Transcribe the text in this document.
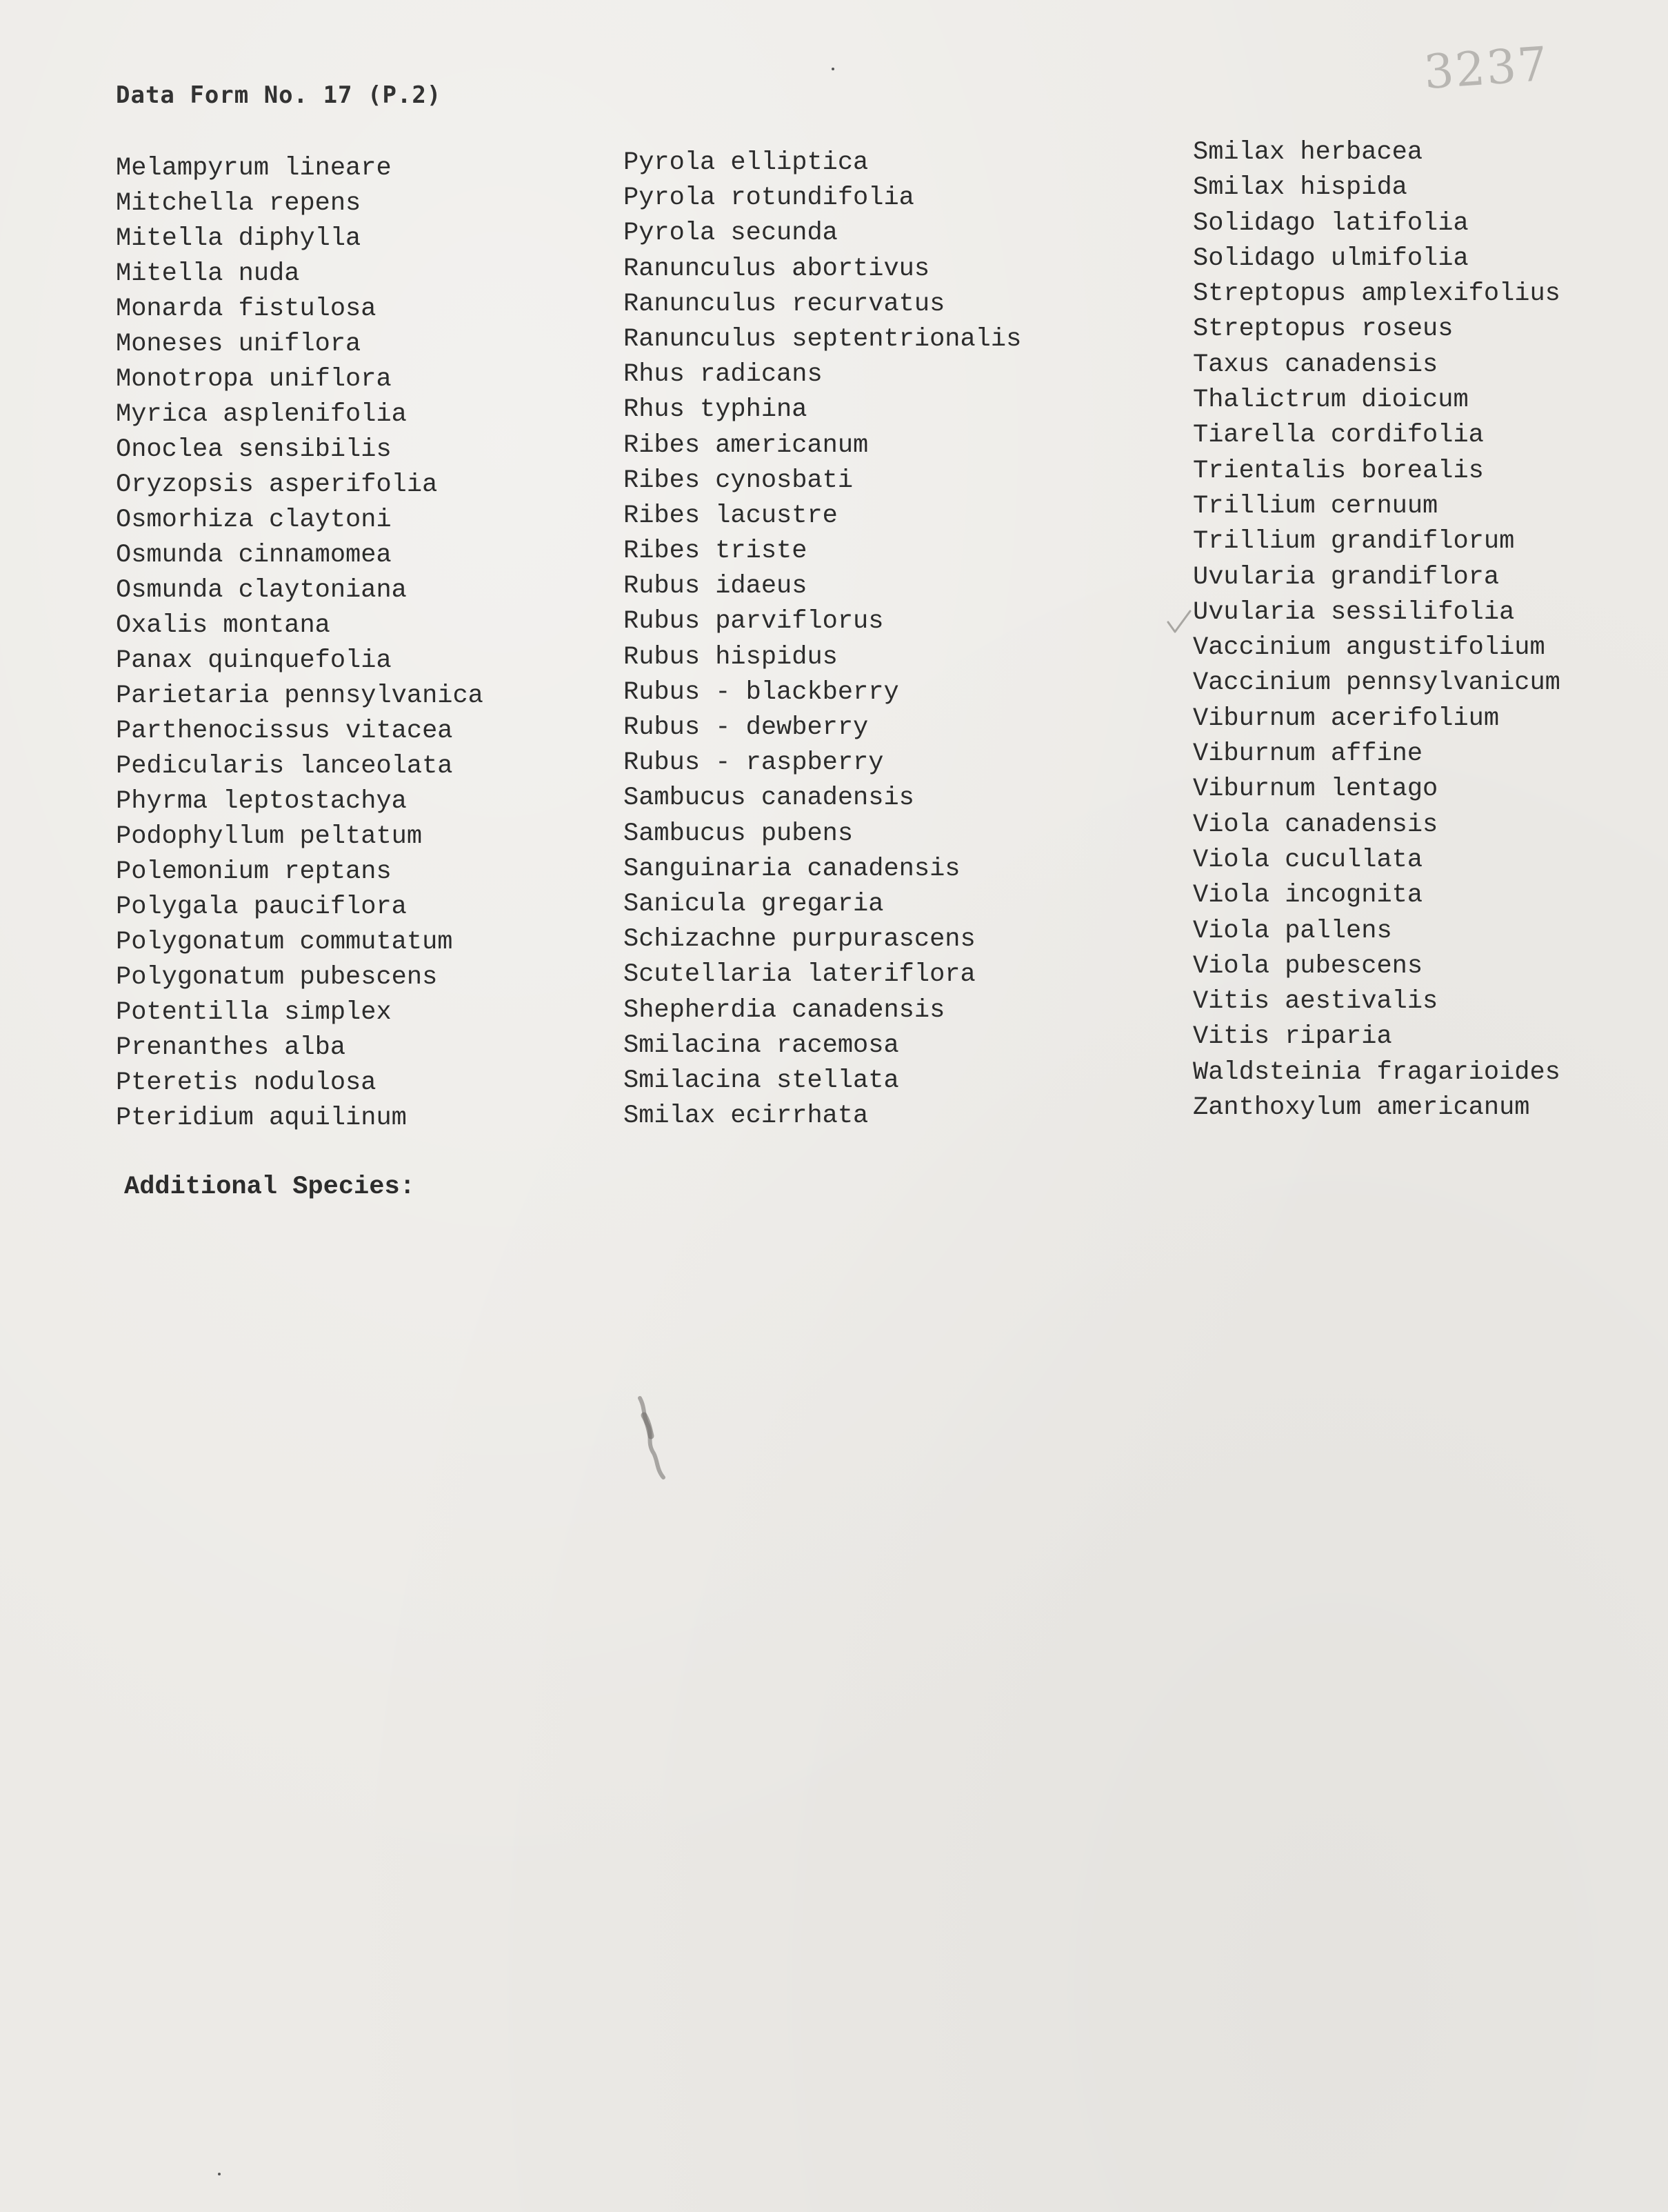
Data Form No. 17 (P.2)	3237
Melampyrum lineare
Mitchella repens
Mitella diphylla
Mitella nuda
Monarda fistulosa
Moneses uniflora
Monotropa uniflora
Myrica asplenifolia
Onoclea sensibilis
Oryzopsis asperifolia
Osmorhiza claytoni
Osmunda cinnamomea
Osmunda claytoniana
Oxalis montana
Panax quinquefolia
Parietaria pennsylvanica
Parthenocissus vitacea
Pedicularis lanceolata
Phyrma leptostachya
Podophyllum peltatum
Polemonium reptans
Polygala pauciflora
Polygonatum commutatum
Polygonatum pubescens
Potentilla simplex
Prenanthes alba
Pteretis nodulosa
Pteridium aquilinum
Pyrola elliptica
Pyrola rotundifolia
Pyrola secunda
Ranunculus abortivus
Ranunculus recurvatus
Ranunculus septentrionalis
Rhus radicans
Rhus typhina
Ribes americanum
Ribes cynosbati
Ribes lacustre
Ribes triste
Rubus idaeus
Rubus parviflorus
Rubus hispidus
Rubus - blackberry
Rubus - dewberry
Rubus - raspberry
Sambucus canadensis
Sambucus pubens
Sanguinaria canadensis
Sanicula gregaria
Schizachne purpurascens
Scutellaria lateriflora
Shepherdia canadensis
Smilacina racemosa
Smilacina stellata
Smilax ecirrhata
Smilax herbacea
Smilax hispida
Solidago latifolia
Solidago ulmifolia
Streptopus amplexifolius
Streptopus roseus
Taxus canadensis
Thalictrum dioicum
Tiarella cordifolia
Trientalis borealis
Trillium cernuum
Trillium grandiflorum
Uvularia grandiflora
Uvularia sessilifolia
Vaccinium angustifolium
Vaccinium pennsylvanicum
Viburnum acerifolium
Viburnum affine
Viburnum lentago
Viola canadensis
Viola cucullata
Viola incognita
Viola pallens
Viola pubescens
Vitis aestivalis
Vitis riparia
Waldsteinia fragarioides
Zanthoxylum americanum
Additional Species:
